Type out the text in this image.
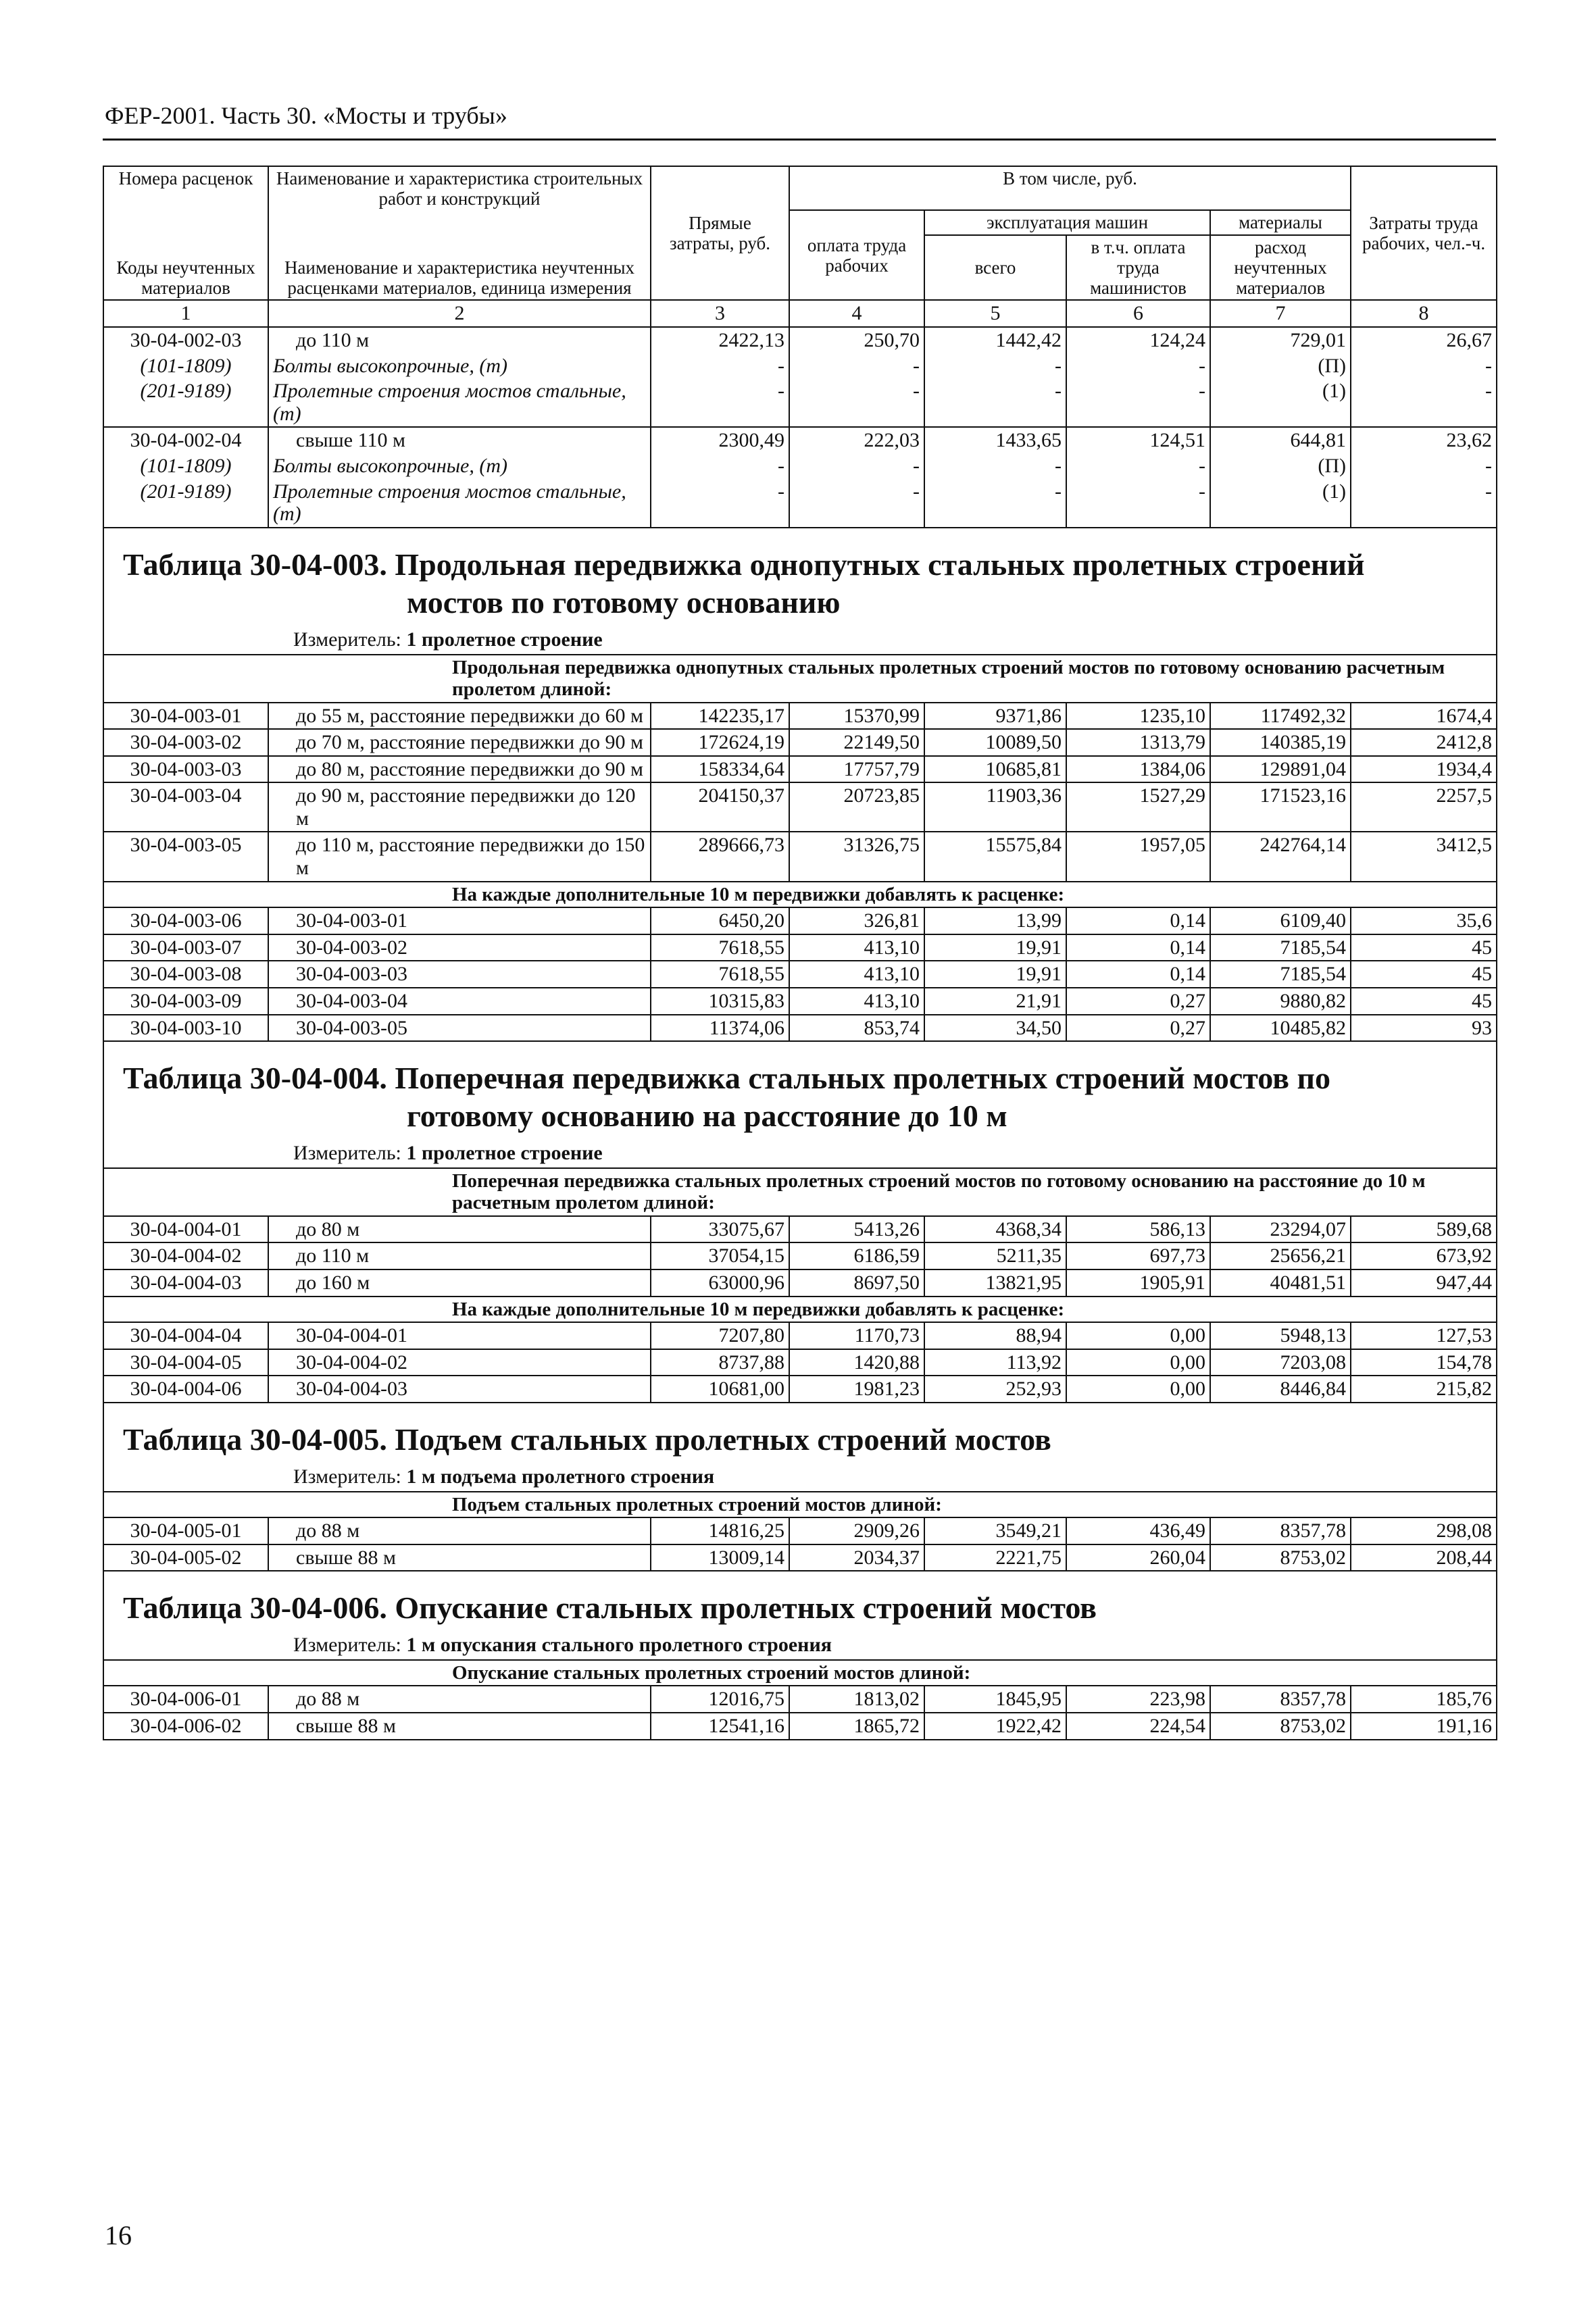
ФЕР-2001. Часть 30. «Мосты и трубы»
Номера расценок	Наименование и характеристика строительных работ и конструкций	Прямые затраты, руб.	В том числе, руб.				Затраты труда рабочих, чел.-ч.
Коды неучтенных материалов	Наименование и характеристика неучтенных расценками материалов, единица измерения		оплата труда рабочих	эксплуатация машин		материалы	
				всего	в т.ч. оплата труда машинистов	расход неучтенных материалов	
1	2	3	4	5	6	7	8
30-04-002-03	до 110 м	2422,13	250,70	1442,42	124,24	729,01	26,67
(101-1809)	Болты высокопрочные, (т)	-	-	-	-	(П)	-
(201-9189)	Пролетные строения мостов стальные, (т)	-	-	-	-	(1)	-
30-04-002-04	свыше 110 м	2300,49	222,03	1433,65	124,51	644,81	23,62
(101-1809)	Болты высокопрочные, (т)	-	-	-	-	(П)	-
(201-9189)	Пролетные строения мостов стальные, (т)	-	-	-	-	(1)	-
Таблица 30-04-003. Продольная передвижка однопутных стальных пролетных строений
мостов по готовому основанию							

Измеритель: 1 пролетное строение							
	Продольная передвижка однопутных стальных пролетных строений мостов по готовому основанию расчетным пролетом длиной:						
30-04-003-01	до 55 м, расстояние передвижки до 60 м	142235,17	15370,99	9371,86	1235,10	117492,32	1674,4
30-04-003-02	до 70 м, расстояние передвижки до 90 м	172624,19	22149,50	10089,50	1313,79	140385,19	2412,8
30-04-003-03	до 80 м, расстояние передвижки до 90 м	158334,64	17757,79	10685,81	1384,06	129891,04	1934,4
30-04-003-04	до 90 м, расстояние передвижки до 120 м	204150,37	20723,85	11903,36	1527,29	171523,16	2257,5
30-04-003-05	до 110 м, расстояние передвижки до 150 м	289666,73	31326,75	15575,84	1957,05	242764,14	3412,5
	На каждые дополнительные 10 м передвижки добавлять к расценке:						
30-04-003-06	30-04-003-01	6450,20	326,81	13,99	0,14	6109,40	35,6
30-04-003-07	30-04-003-02	7618,55	413,10	19,91	0,14	7185,54	45
30-04-003-08	30-04-003-03	7618,55	413,10	19,91	0,14	7185,54	45
30-04-003-09	30-04-003-04	10315,83	413,10	21,91	0,27	9880,82	45
30-04-003-10	30-04-003-05	11374,06	853,74	34,50	0,27	10485,82	93
Таблица 30-04-004. Поперечная передвижка стальных пролетных строений мостов по
готовому основанию на расстояние до 10 м							

Измеритель: 1 пролетное строение							
	Поперечная передвижка стальных пролетных строений мостов по готовому основанию на расстояние до 10 м расчетным пролетом длиной:						
30-04-004-01	до 80 м	33075,67	5413,26	4368,34	586,13	23294,07	589,68
30-04-004-02	до 110 м	37054,15	6186,59	5211,35	697,73	25656,21	673,92
30-04-004-03	до 160 м	63000,96	8697,50	13821,95	1905,91	40481,51	947,44
	На каждые дополнительные 10 м передвижки добавлять к расценке:						
30-04-004-04	30-04-004-01	7207,80	1170,73	88,94	0,00	5948,13	127,53
30-04-004-05	30-04-004-02	8737,88	1420,88	113,92	0,00	7203,08	154,78
30-04-004-06	30-04-004-03	10681,00	1981,23	252,93	0,00	8446,84	215,82
Таблица 30-04-005. Подъем стальных пролетных строений мостов							
Измеритель: 1 м подъема пролетного строения							
	Подъем стальных пролетных строений мостов длиной:						
30-04-005-01	до 88 м	14816,25	2909,26	3549,21	436,49	8357,78	298,08
30-04-005-02	свыше 88 м	13009,14	2034,37	2221,75	260,04	8753,02	208,44
Таблица 30-04-006. Опускание стальных пролетных строений мостов							
Измеритель: 1 м опускания стального пролетного строения							
	Опускание стальных пролетных строений мостов длиной:						
30-04-006-01	до 88 м	12016,75	1813,02	1845,95	223,98	8357,78	185,76
30-04-006-02	свыше 88 м	12541,16	1865,72	1922,42	224,54	8753,02	191,16
16
